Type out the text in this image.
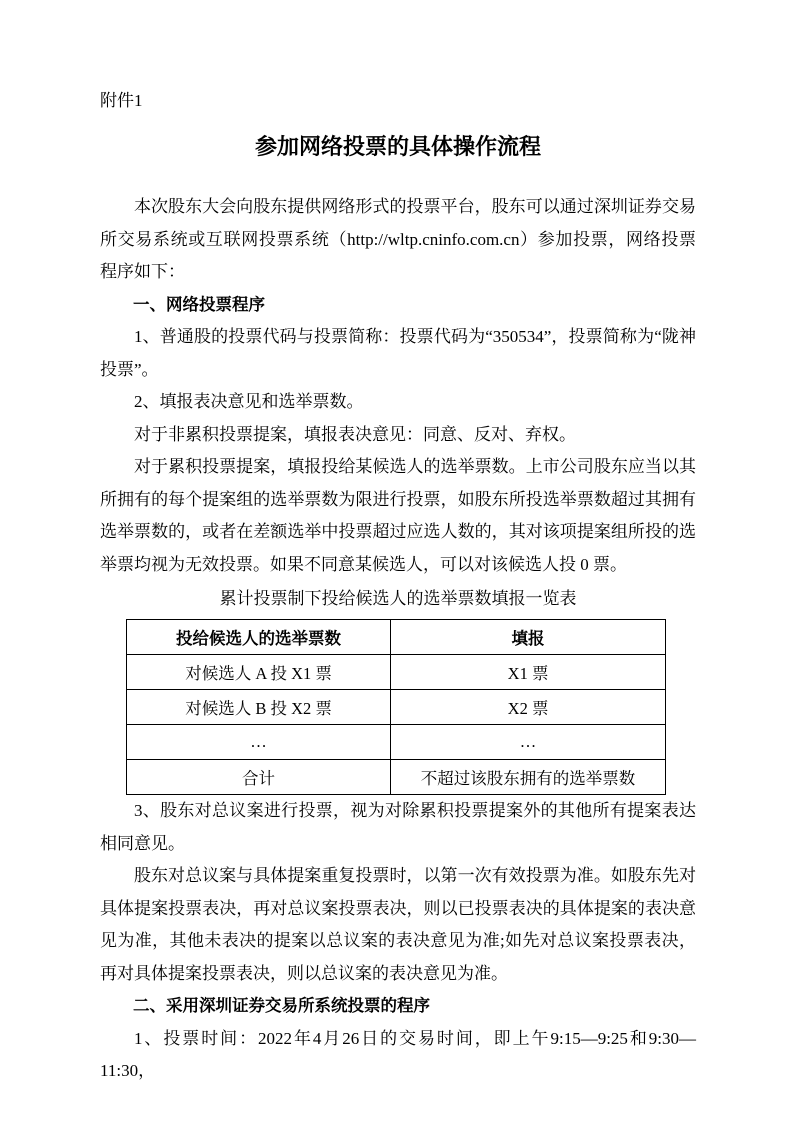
附件1
参加网络投票的具体操作流程

本次股东大会向股东提供网络形式的投票平台，股东可以通过深圳证券交易所交易系统或互联网投票系统（http://wltp.cninfo.com.cn）参加投票，网络投票程序如下：

一、网络投票程序

1、普通股的投票代码与投票简称：投票代码为“350534”，投票简称为“陇神投票”。

2、填报表决意见和选举票数。

对于非累积投票提案，填报表决意见：同意、反对、弃权。

对于累积投票提案，填报投给某候选人的选举票数。上市公司股东应当以其所拥有的每个提案组的选举票数为限进行投票，如股东所投选举票数超过其拥有选举票数的，或者在差额选举中投票超过应选人数的，其对该项提案组所投的选举票均视为无效投票。如果不同意某候选人，可以对该候选人投 0 票。

累计投票制下投给候选人的选举票数填报一览表
投给候选人的选举票数	填报
对候选人 A 投 X1 票	X1 票
对候选人 B 投 X2 票	X2 票
…	…
合计	不超过该股东拥有的选举票数

3、股东对总议案进行投票，视为对除累积投票提案外的其他所有提案表达相同意见。

股东对总议案与具体提案重复投票时，以第一次有效投票为准。如股东先对具体提案投票表决，再对总议案投票表决，则以已投票表决的具体提案的表决意见为准，其他未表决的提案以总议案的表决意见为准;如先对总议案投票表决，再对具体提案投票表决，则以总议案的表决意见为准。

二、采用深圳证券交易所系统投票的程序

1、投票时间：2022年4月26日的交易时间，即上午9:15—9:25和9:30—11:30，
